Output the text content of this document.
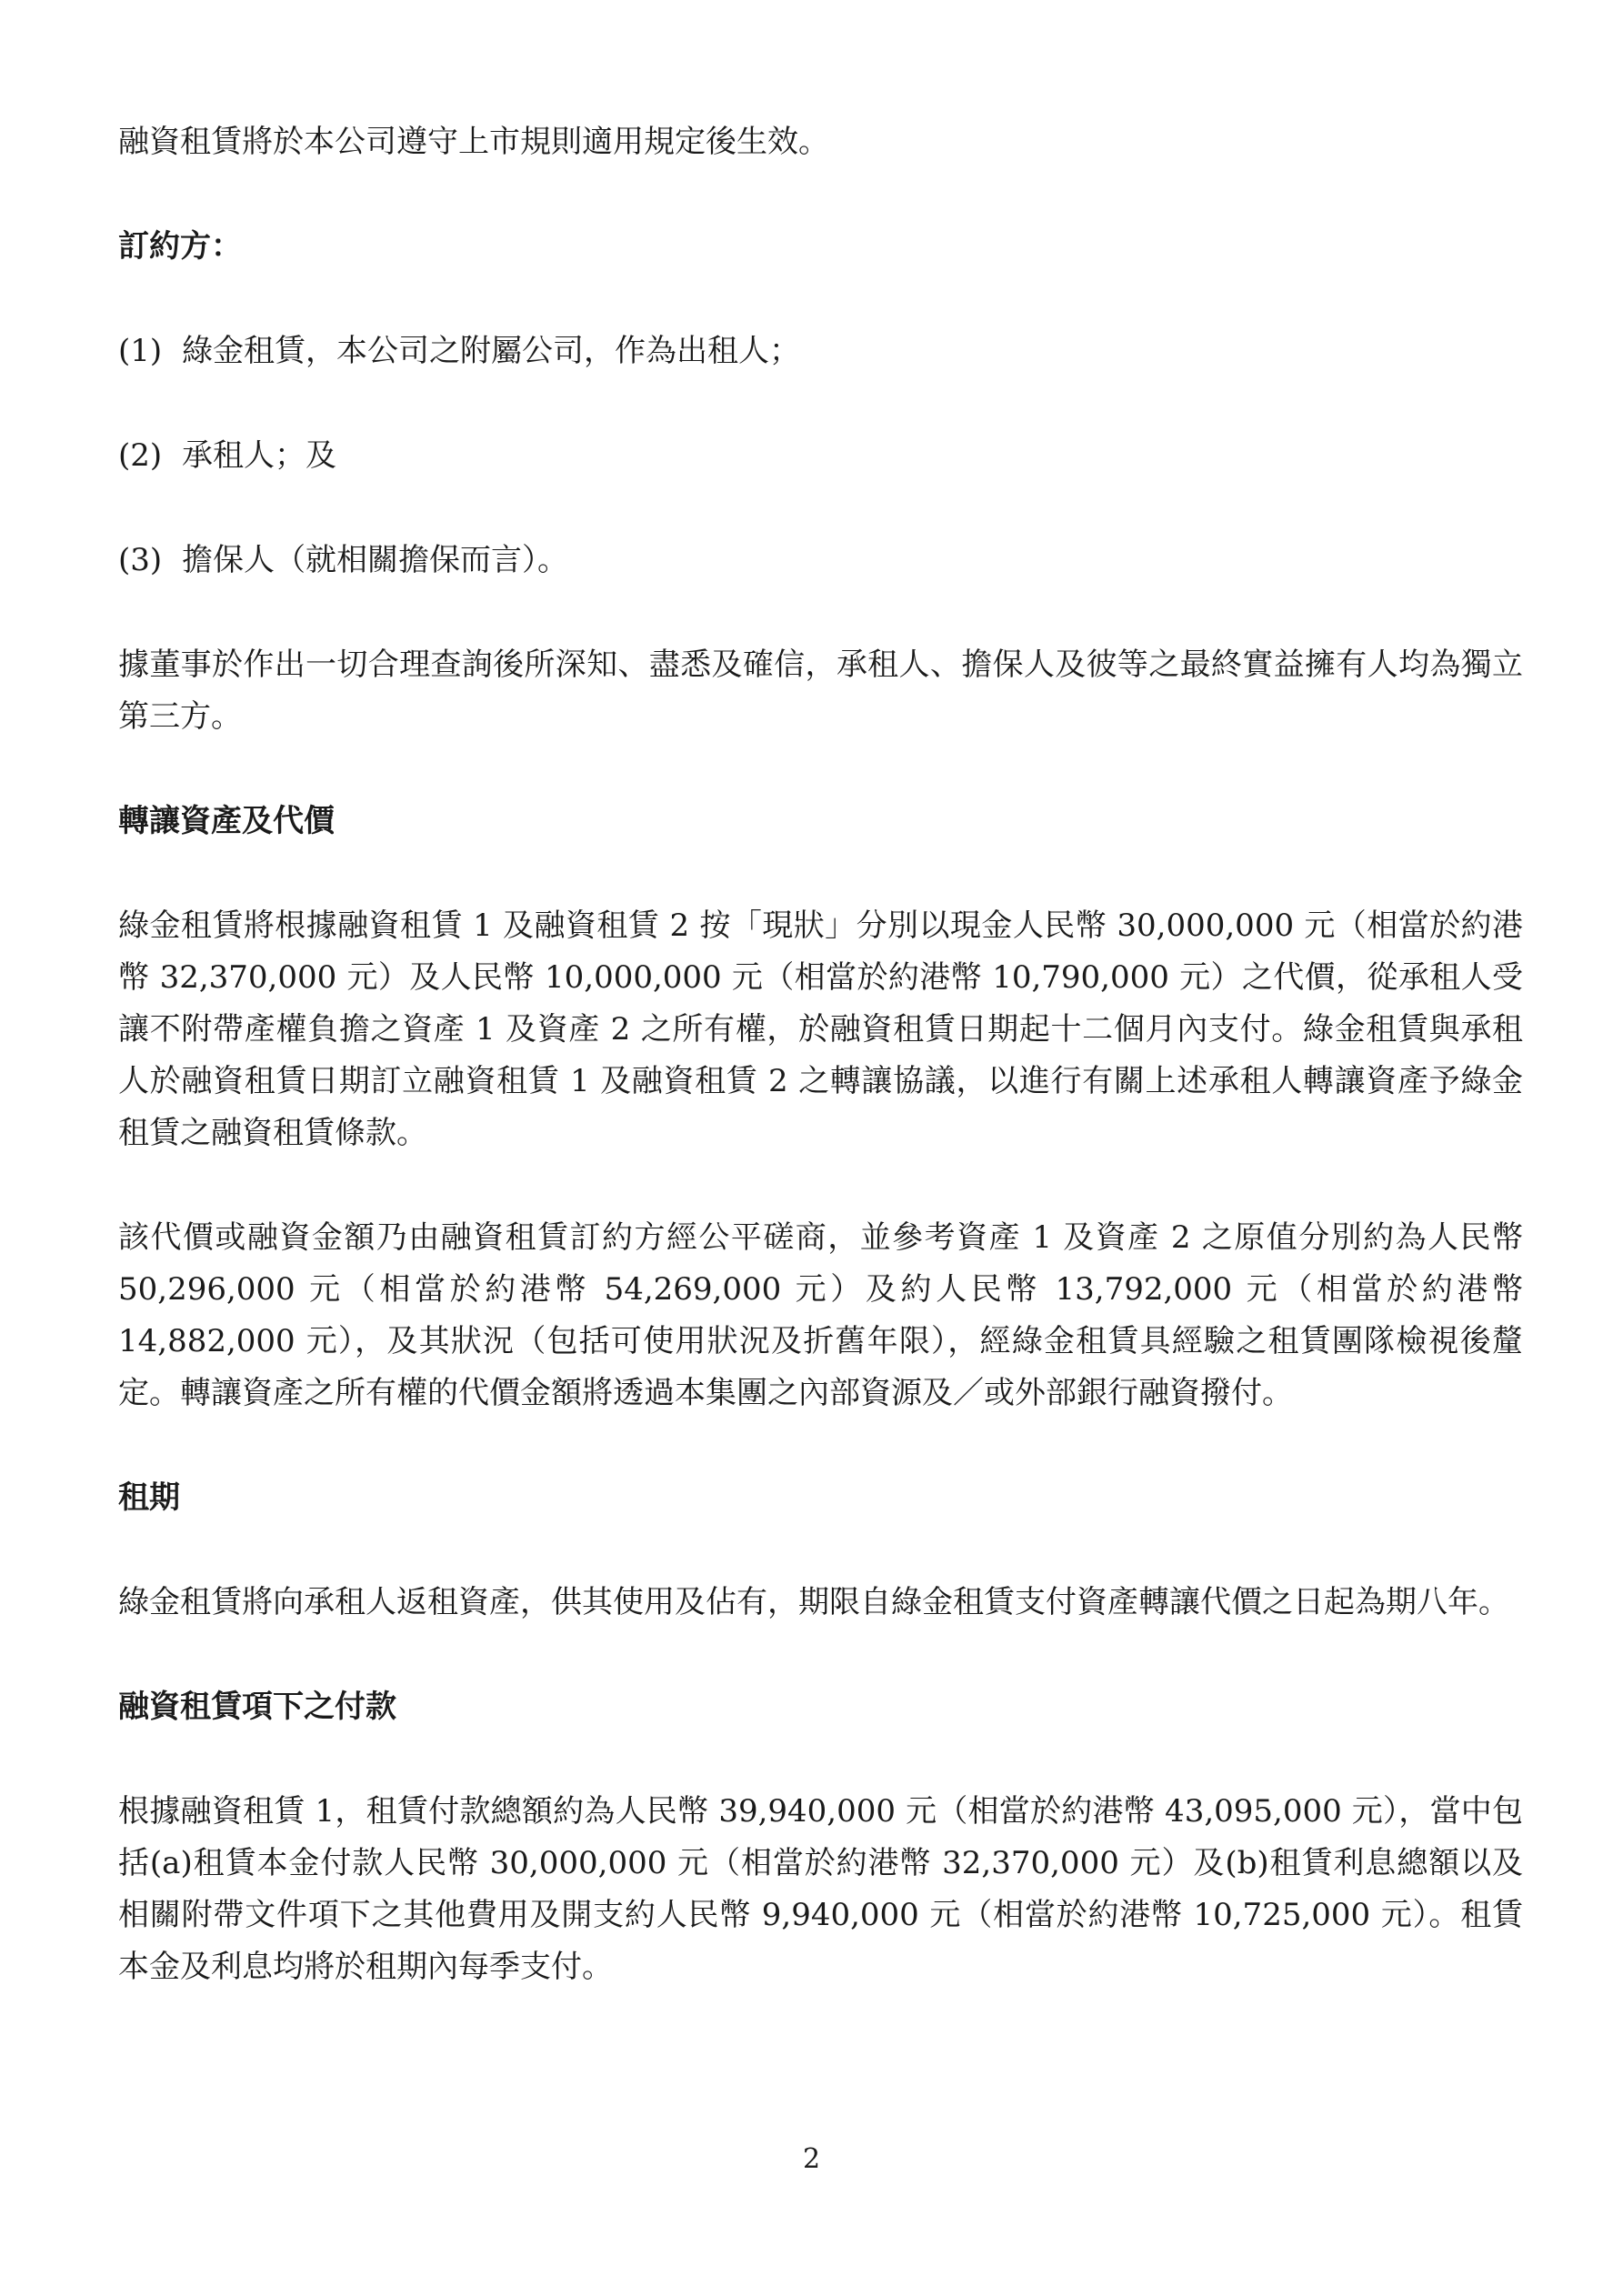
融資租賃將於本公司遵守上市規則適用規定後生效。

訂約方：
(1) 綠金租賃，本公司之附屬公司，作為出租人；
(2) 承租人；及
(3) 擔保人（就相關擔保而言）。

據董事於作出一切合理查詢後所深知、盡悉及確信，承租人、擔保人及彼等之最終實益擁有人均為獨立第三方。

轉讓資產及代價

綠金租賃將根據融資租賃 1 及融資租賃 2 按「現狀」分別以現金人民幣 30,000,000 元（相當於約港幣 32,370,000 元）及人民幣 10,000,000 元（相當於約港幣 10,790,000 元）之代價，從承租人受讓不附帶產權負擔之資產 1 及資產 2 之所有權，於融資租賃日期起十二個月內支付。綠金租賃與承租人於融資租賃日期訂立融資租賃 1 及融資租賃 2 之轉讓協議，以進行有關上述承租人轉讓資產予綠金租賃之融資租賃條款。

該代價或融資金額乃由融資租賃訂約方經公平磋商，並參考資產 1 及資產 2 之原值分別約為人民幣 50,296,000 元（相當於約港幣 54,269,000 元）及約人民幣 13,792,000 元（相當於約港幣 14,882,000 元），及其狀況（包括可使用狀況及折舊年限），經綠金租賃具經驗之租賃團隊檢視後釐定。轉讓資產之所有權的代價金額將透過本集團之內部資源及／或外部銀行融資撥付。

租期

綠金租賃將向承租人返租資產，供其使用及佔有，期限自綠金租賃支付資產轉讓代價之日起為期八年。

融資租賃項下之付款

根據融資租賃 1，租賃付款總額約為人民幣 39,940,000 元（相當於約港幣 43,095,000 元），當中包括(a)租賃本金付款人民幣 30,000,000 元（相當於約港幣 32,370,000 元）及(b)租賃利息總額以及相關附帶文件項下之其他費用及開支約人民幣 9,940,000 元（相當於約港幣 10,725,000 元）。租賃本金及利息均將於租期內每季支付。

2
